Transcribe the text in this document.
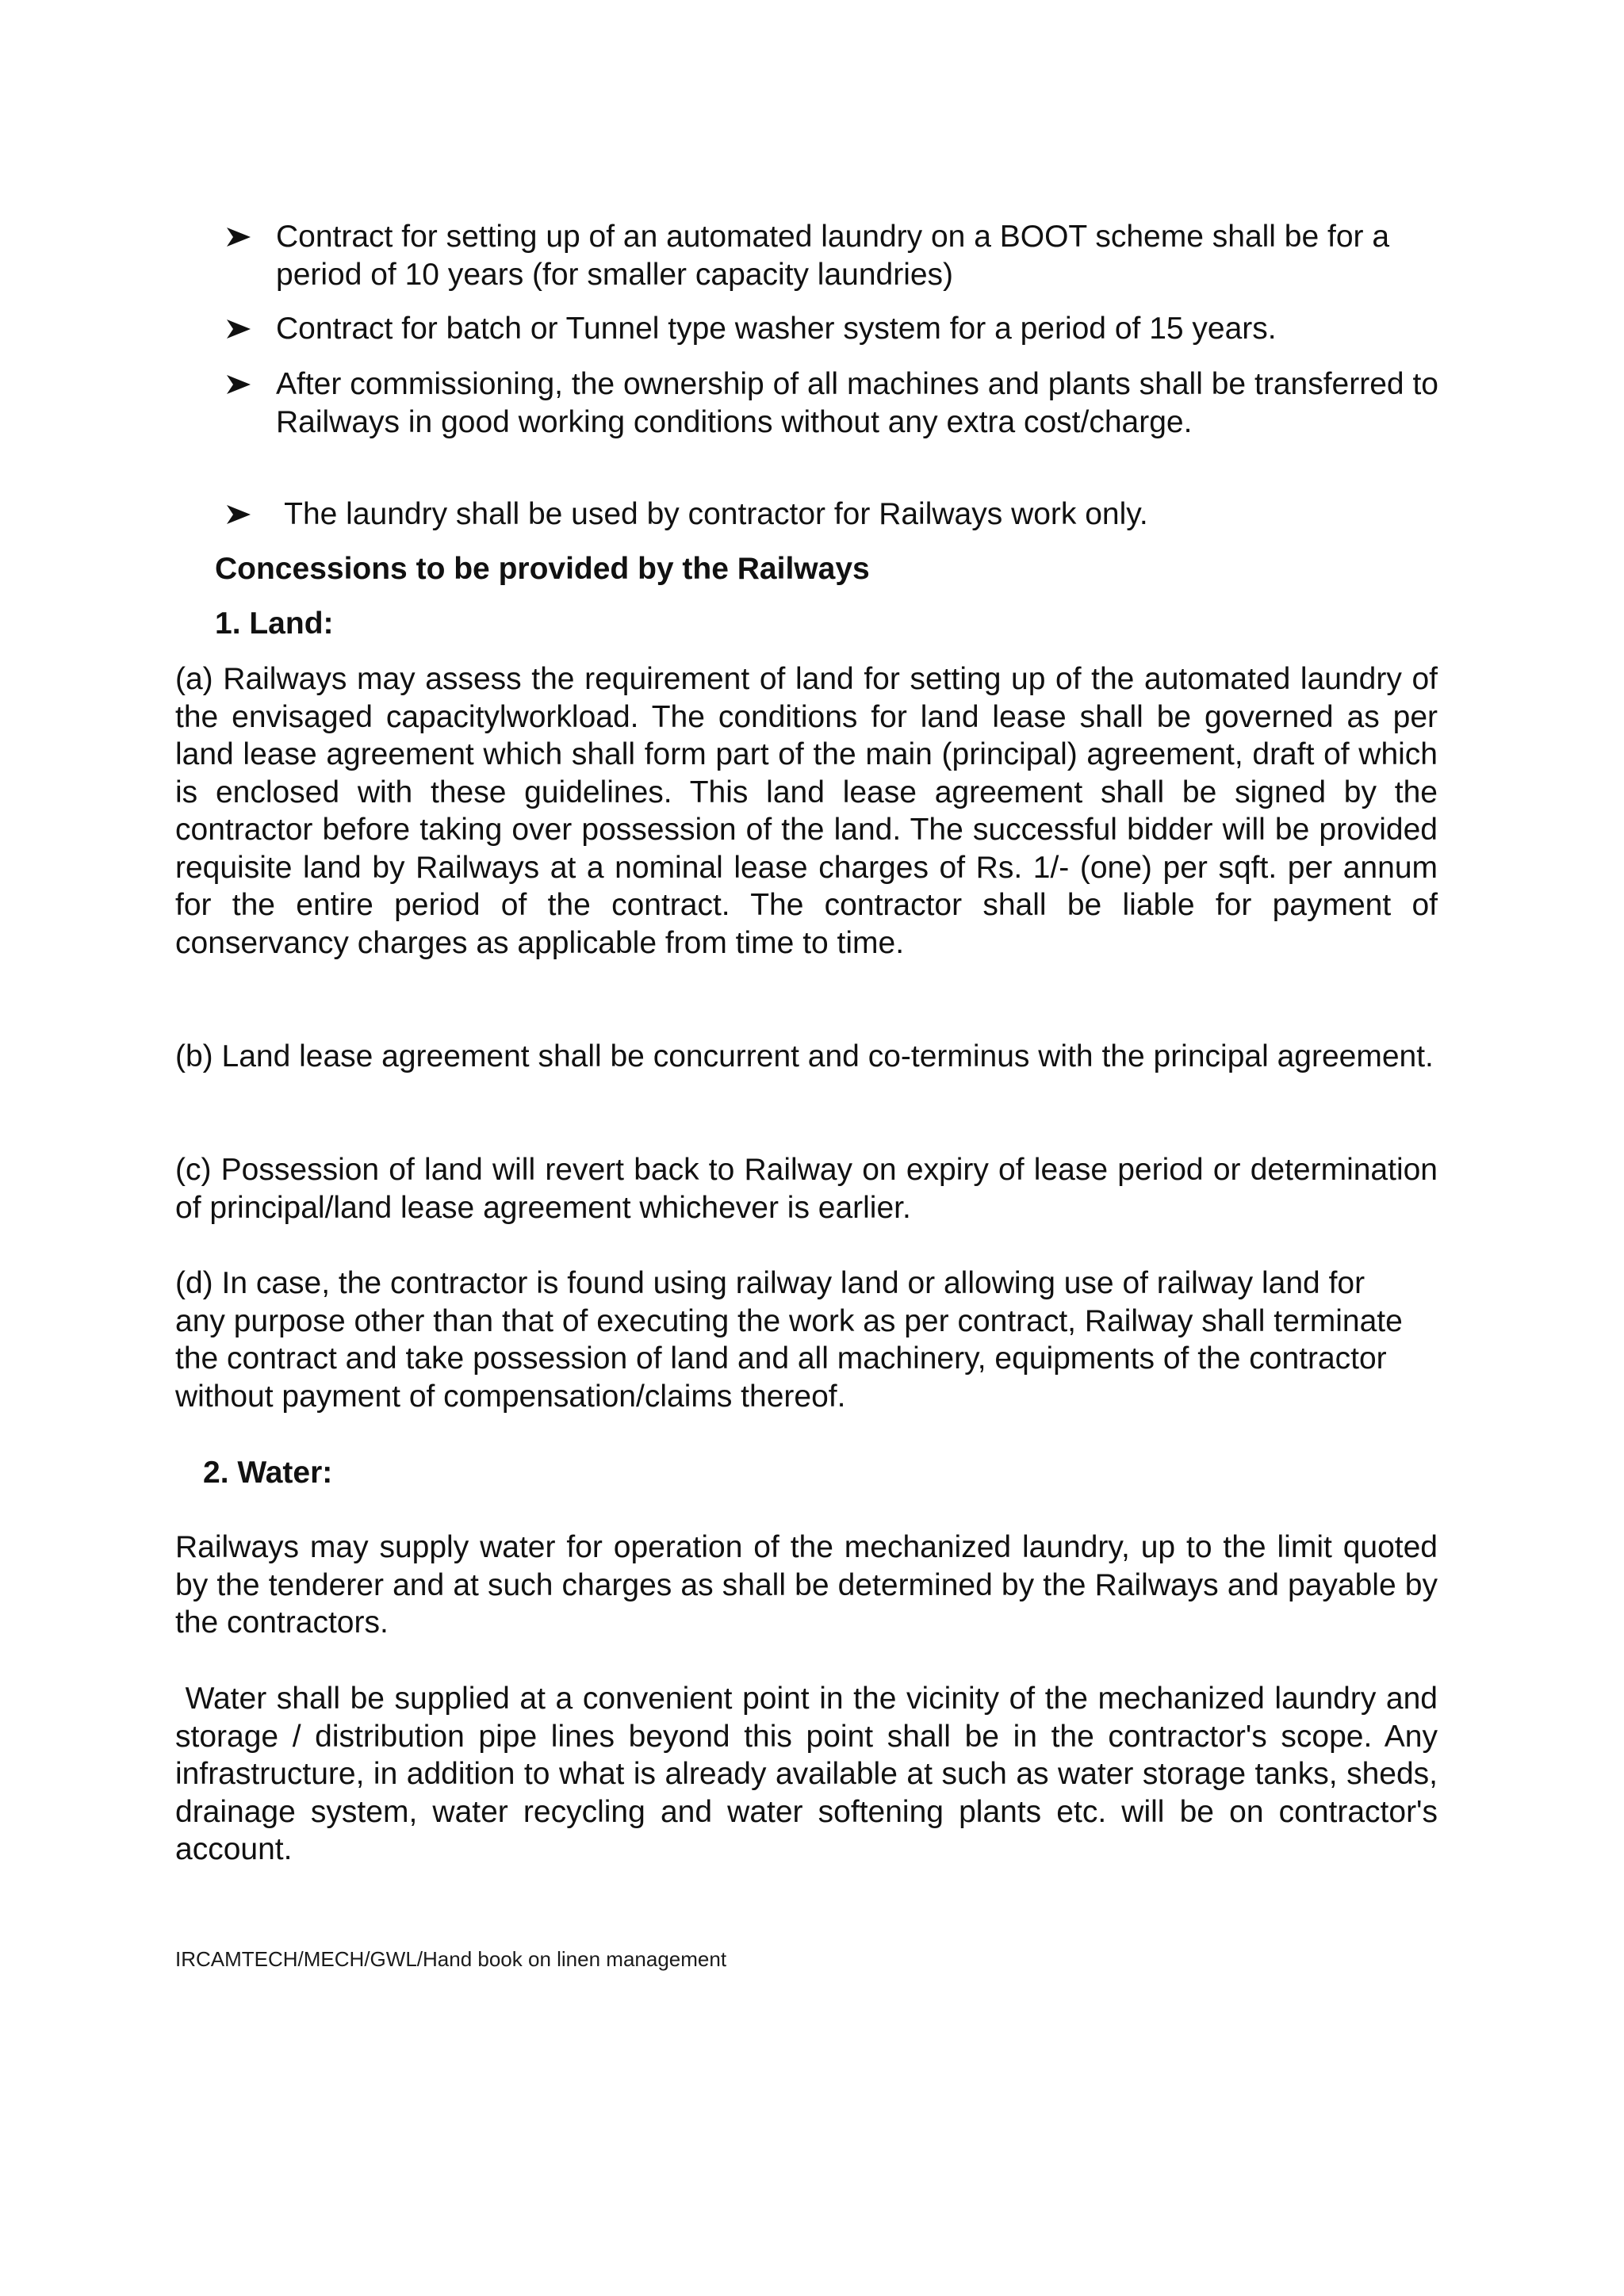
Contract for setting up of an automated laundry on a BOOT scheme shall be for a period of 10 years (for smaller capacity laundries)
Contract for batch or Tunnel type washer system for a period of 15 years.
After commissioning, the ownership of all machines and plants shall be transferred to Railways in good working conditions without any extra cost/charge.
The laundry shall be used by contractor for Railways work only.
Concessions to be provided by the Railways
1. Land:
(a) Railways may assess the requirement of land for setting up of the automated laundry of the envisaged capacitylworkload. The conditions for land lease shall be governed as per land lease agreement which shall form part of the main (principal) agreement, draft of which is enclosed with these guidelines. This land lease agreement shall be signed by the contractor before taking over possession of the land. The successful bidder will be provided requisite land by Railways at a nominal lease charges of Rs. 1/- (one) per sqft. per annum for the entire period of the contract. The contractor shall be liable for payment of conservancy charges as applicable from time to time.
(b) Land lease agreement shall be concurrent and co-terminus with the principal agreement.
(c) Possession of land will revert back to Railway on expiry of lease period or determination of principal/land lease agreement whichever is earlier.
(d) In case, the contractor is found using railway land or allowing use of railway land for any purpose other than that of executing the work as per contract, Railway shall terminate the contract and take possession of land and all machinery, equipments of the contractor without payment of compensation/claims thereof.
2. Water:
Railways may supply water for operation of the mechanized laundry, up to the limit quoted by the tenderer and at such charges as shall be determined by the Railways and payable by the contractors.
Water shall be supplied at a convenient point in the vicinity of the mechanized laundry and storage / distribution pipe lines beyond this point shall be in the contractor's scope. Any infrastructure, in addition to what is already available at such as water storage tanks, sheds, drainage system, water recycling and water softening plants etc. will be on contractor's account.
IRCAMTECH/MECH/GWL/Hand book on linen management
